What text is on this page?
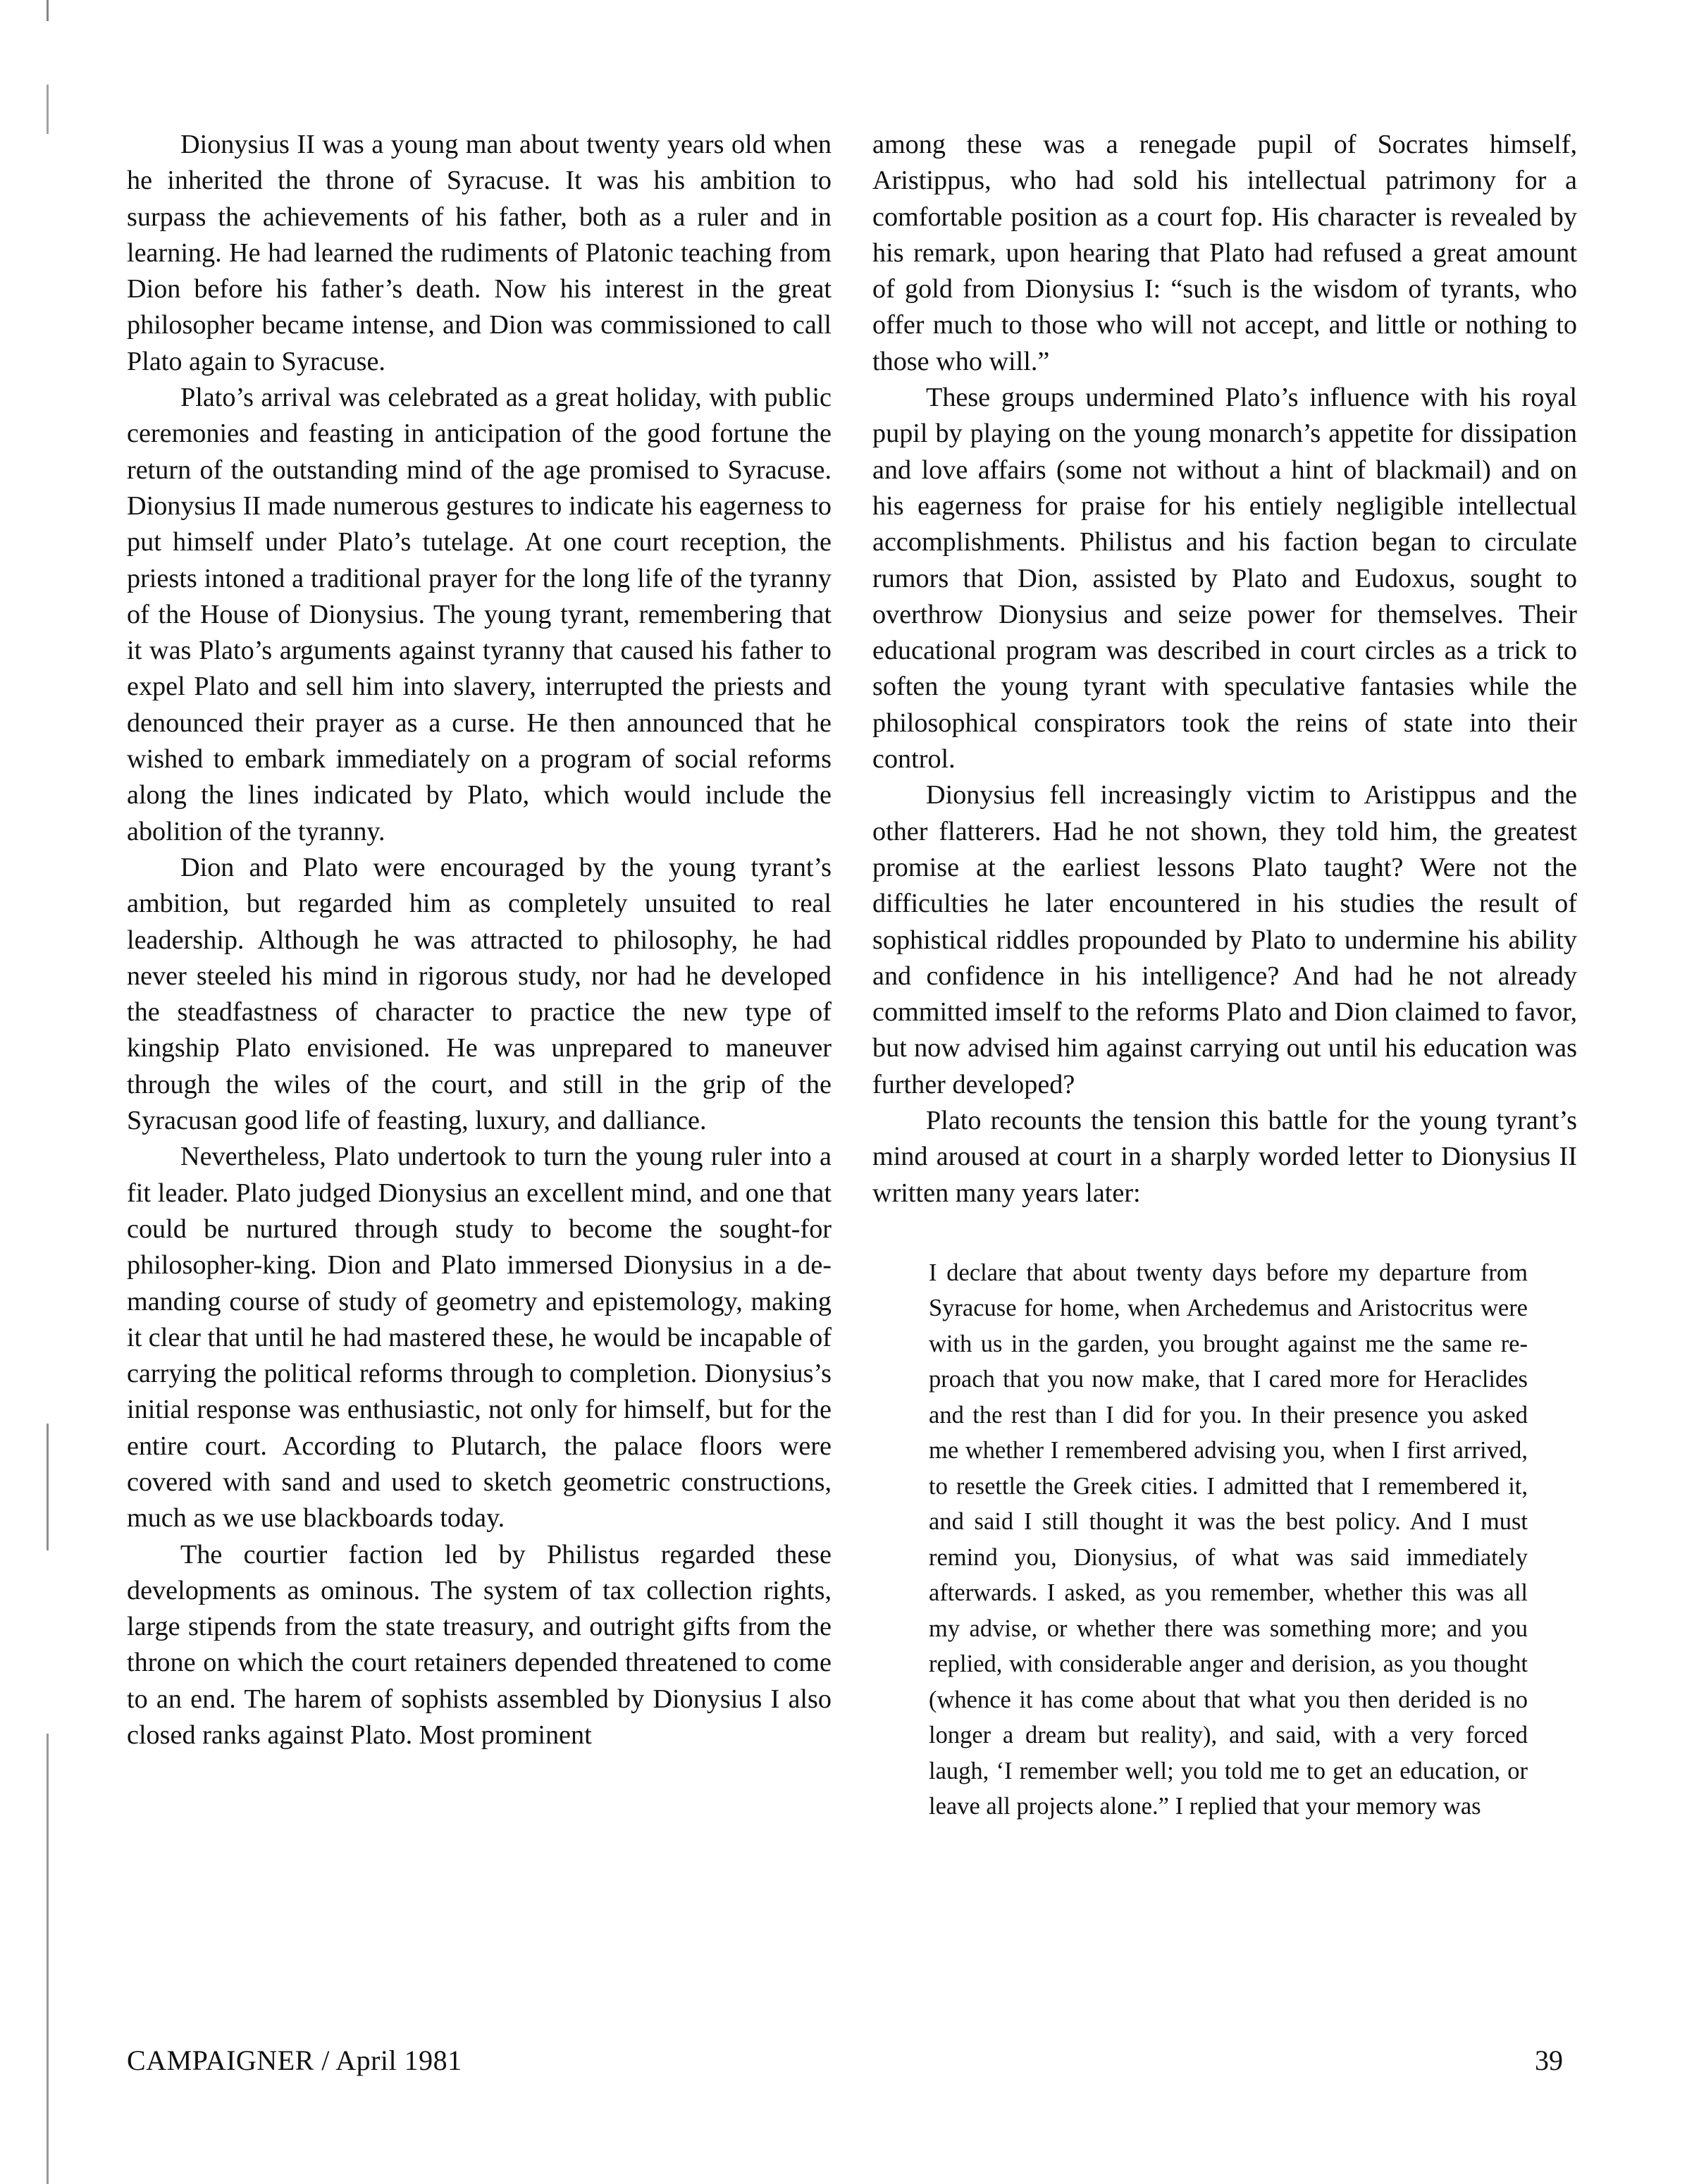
Dionysius II was a young man about twenty years old when he inherited the throne of Syracuse. It was his ambition to surpass the achievements of his father, both as a ruler and in learning. He had learned the rudiments of Platonic teaching from Dion before his father’s death. Now his interest in the great philosopher became intense, and Dion was commissioned to call Plato again to Syracuse.

Plato’s arrival was celebrated as a great holiday, with public ceremonies and feasting in anticipation of the good fortune the return of the outstanding mind of the age promised to Syracuse. Dionysius II made numerous gestures to indicate his eagerness to put himself under Plato’s tutelage. At one court reception, the priests intoned a traditional prayer for the long life of the tyranny of the House of Dionysius. The young tyrant, remembering that it was Plato’s arguments against tyranny that caused his father to expel Plato and sell him into slavery, interrupted the priests and denounced their prayer as a curse. He then announced that he wished to embark immediately on a program of social reforms along the lines indicated by Plato, which would include the abolition of the tyranny.

Dion and Plato were encouraged by the young tyrant’s ambition, but regarded him as completely unsuited to real leadership. Although he was attracted to philosophy, he had never steeled his mind in rigorous study, nor had he developed the steadfastness of character to practice the new type of kingship Plato envisioned. He was unprepared to maneuver through the wiles of the court, and still in the grip of the Syracusan good life of feasting, luxury, and dalliance.

Nevertheless, Plato undertook to turn the young ruler into a fit leader. Plato judged Dionysius an excellent mind, and one that could be nurtured through study to become the sought-for philosopher-king. Dion and Plato immersed Dionysius in a demanding course of study of geometry and epistemology, making it clear that until he had mastered these, he would be incapable of carrying the political reforms through to completion. Dionysius’s initial response was enthusiastic, not only for himself, but for the entire court. According to Plutarch, the palace floors were covered with sand and used to sketch geometric constructions, much as we use blackboards today.

The courtier faction led by Philistus regarded these developments as ominous. The system of tax collection rights, large stipends from the state treasury, and outright gifts from the throne on which the court retainers depended threatened to come to an end. The harem of sophists assembled by Dionysius I also closed ranks against Plato. Most prominent

among these was a renegade pupil of Socrates himself, Aristippus, who had sold his intellectual patrimony for a comfortable position as a court fop. His character is revealed by his remark, upon hearing that Plato had refused a great amount of gold from Dionysius I: “such is the wisdom of tyrants, who offer much to those who will not accept, and little or nothing to those who will.”

These groups undermined Plato’s influence with his royal pupil by playing on the young monarch’s appetite for dissipation and love affairs (some not without a hint of blackmail) and on his eagerness for praise for his entiely negligible intellectual accomplishments. Philistus and his faction began to circulate rumors that Dion, assisted by Plato and Eudoxus, sought to overthrow Dionysius and seize power for themselves. Their educational program was described in court circles as a trick to soften the young tyrant with speculative fantasies while the philosophical conspirators took the reins of state into their control.

Dionysius fell increasingly victim to Aristippus and the other flatterers. Had he not shown, they told him, the greatest promise at the earliest lessons Plato taught? Were not the difficulties he later encountered in his studies the result of sophistical riddles propounded by Plato to undermine his ability and confidence in his intelligence? And had he not already committed imself to the reforms Plato and Dion claimed to favor, but now advised him against carrying out until his education was further developed?

Plato recounts the tension this battle for the young tyrant’s mind aroused at court in a sharply worded letter to Dionysius II written many years later:

I declare that about twenty days before my departure from Syracuse for home, when Archedemus and Aristocritus were with us in the garden, you brought against me the same reproach that you now make, that I cared more for Heraclides and the rest than I did for you. In their presence you asked me whether I remembered advising you, when I first arrived, to resettle the Greek cities. I admitted that I remembered it, and said I still thought it was the best policy. And I must remind you, Dionysius, of what was said immediately afterwards. I asked, as you remember, whether this was all my advise, or whether there was something more; and you replied, with considerable anger and derision, as you thought (whence it has come about that what you then derided is no longer a dream but reality), and said, with a very forced laugh, ‘I remember well; you told me to get an education, or leave all projects alone.” I replied that your memory was
CAMPAIGNER / April 1981	39
